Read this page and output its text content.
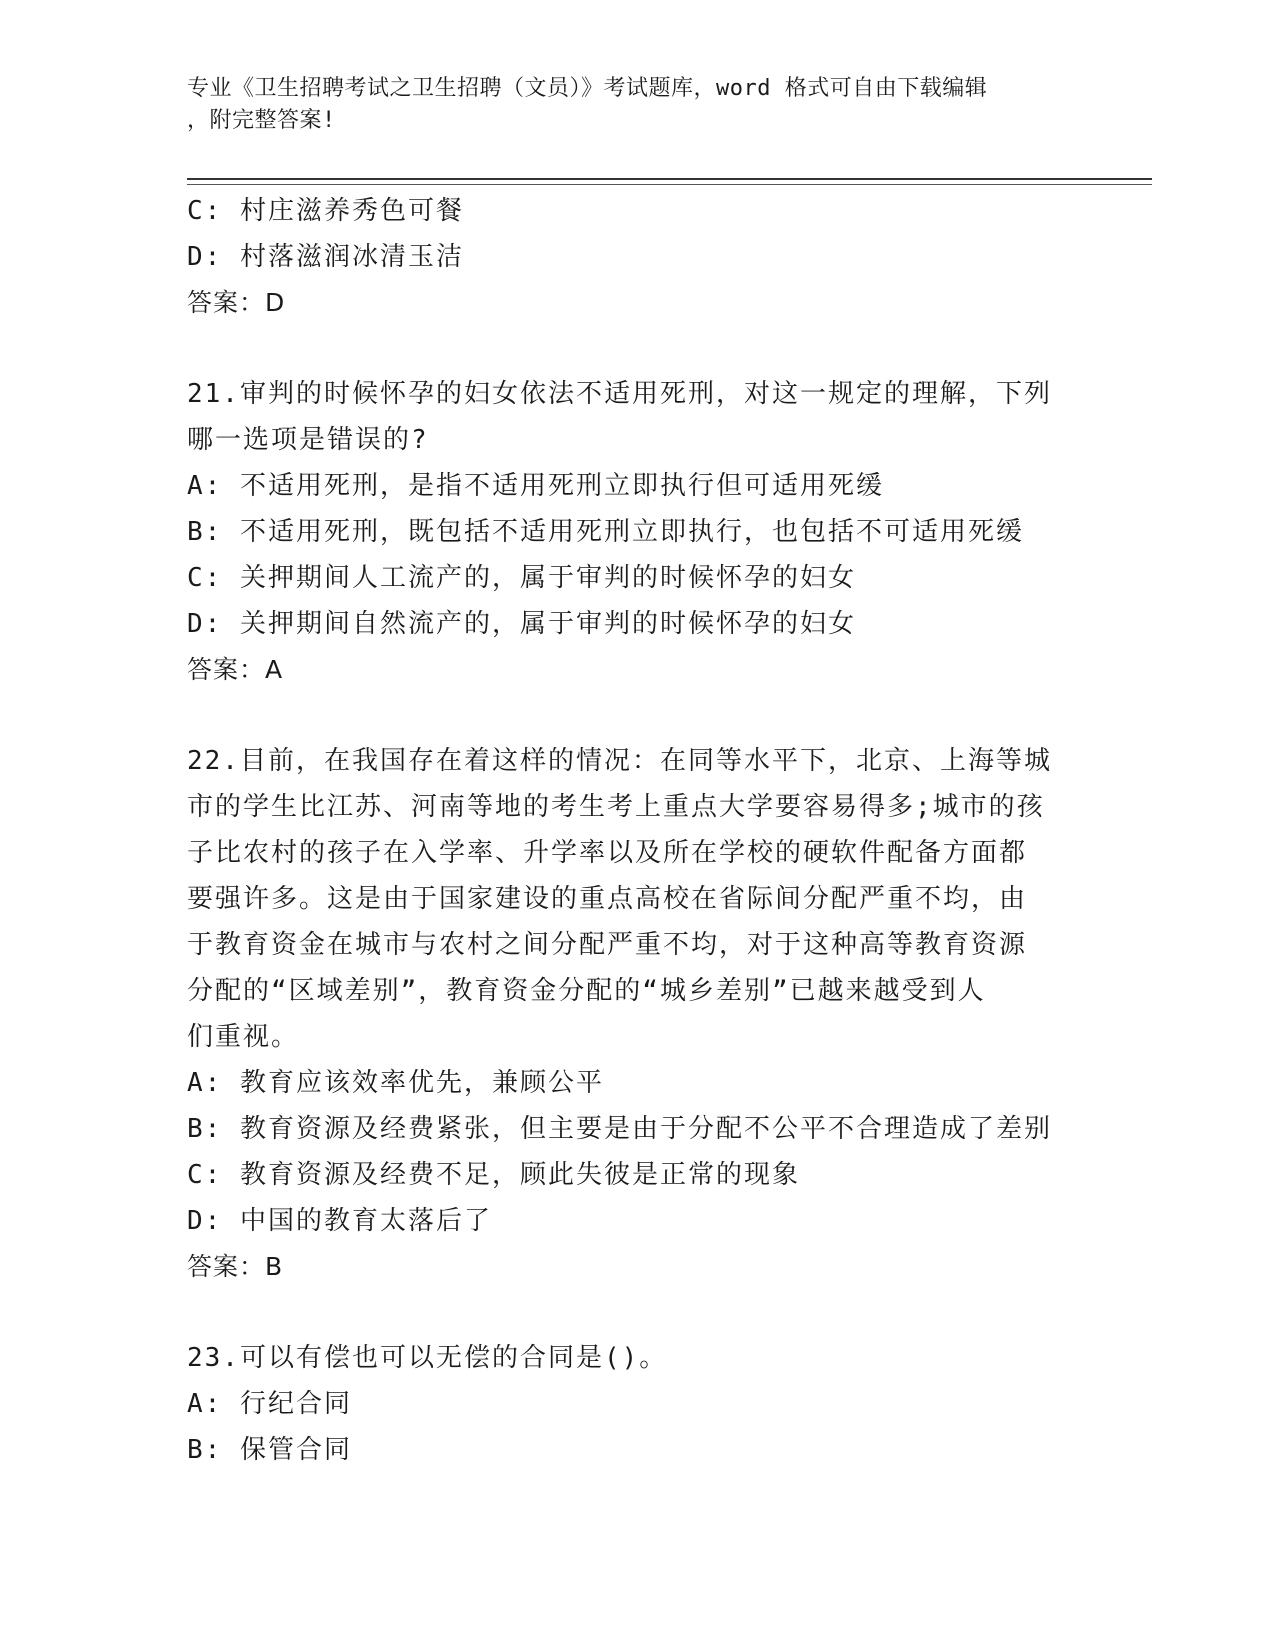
专业《卫生招聘考试之卫生招聘（文员）》考试题库，word 格式可自由下载编辑
，附完整答案!
C: 村庄滋养秀色可餐
D: 村落滋润冰清玉洁
答案：D
21.审判的时候怀孕的妇女依法不适用死刑，对这一规定的理解，下列
哪一选项是错误的?
A: 不适用死刑，是指不适用死刑立即执行但可适用死缓
B: 不适用死刑，既包括不适用死刑立即执行，也包括不可适用死缓
C: 关押期间人工流产的，属于审判的时候怀孕的妇女
D: 关押期间自然流产的，属于审判的时候怀孕的妇女
答案：A
22.目前，在我国存在着这样的情况：在同等水平下，北京、上海等城
市的学生比江苏、河南等地的考生考上重点大学要容易得多;城市的孩
子比农村的孩子在入学率、升学率以及所在学校的硬软件配备方面都
要强许多。这是由于国家建设的重点高校在省际间分配严重不均，由
于教育资金在城市与农村之间分配严重不均，对于这种高等教育资源
分配的“区域差别”，教育资金分配的“城乡差别”已越来越受到人
们重视。
A: 教育应该效率优先，兼顾公平
B: 教育资源及经费紧张，但主要是由于分配不公平不合理造成了差别
C: 教育资源及经费不足，顾此失彼是正常的现象
D: 中国的教育太落后了
答案：B
23.可以有偿也可以无偿的合同是()。
A: 行纪合同
B: 保管合同
